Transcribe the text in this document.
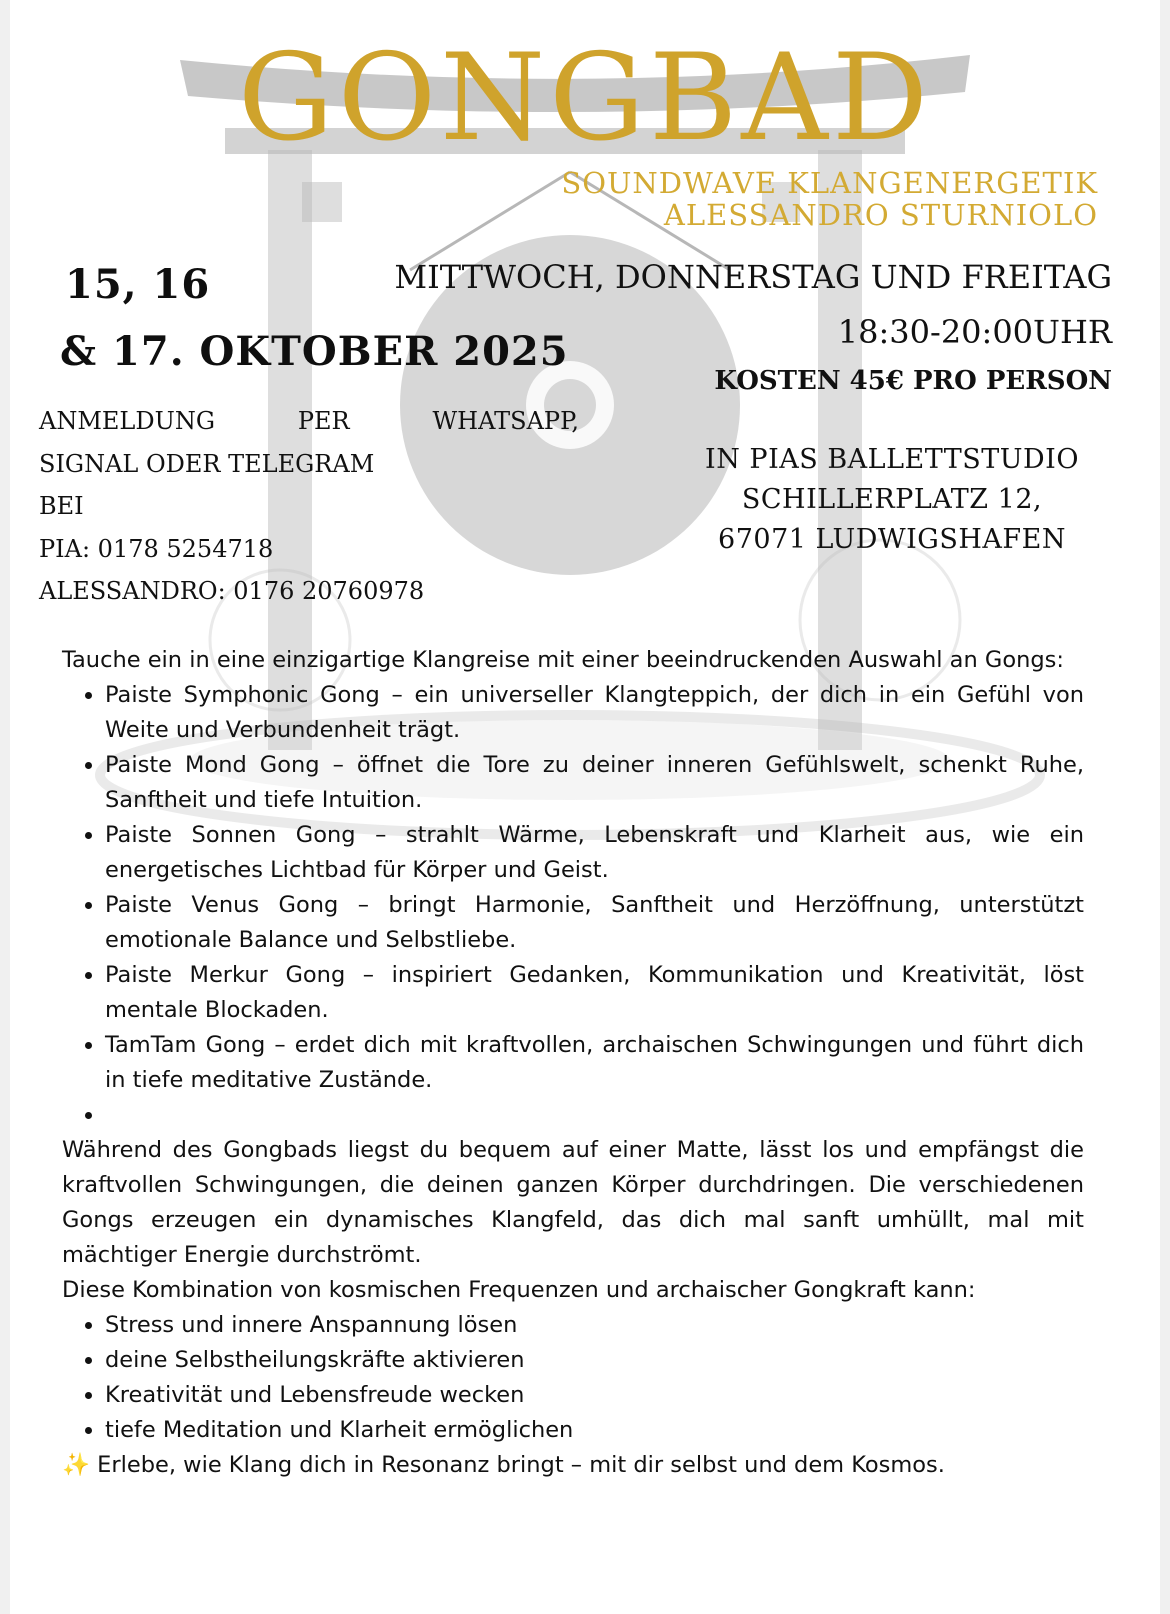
GONGBAD
SOUNDWAVE KLANGENERGETIK
ALESSANDRO STURNIOLO
15, 16
& 17. OKTOBER 2025
MITTWOCH, DONNERSTAG UND FREITAG
18:30-20:00UHR
KOSTEN 45€ PRO PERSON
ANMELDUNG	PER	WHATSAPP,
SIGNAL ODER TELEGRAM
BEI
PIA: 0178 5254718
ALESSANDRO: 0176 20760978
IN PIAS BALLETTSTUDIO
SCHILLERPLATZ 12,
67071 LUDWIGSHAFEN

Tauche ein in eine einzigartige Klangreise mit einer beeindruckenden Auswahl an Gongs:

• Paiste Symphonic Gong – ein universeller Klangteppich, der dich in ein Gefühl von Weite und Verbundenheit trägt.
• Paiste Mond Gong – öffnet die Tore zu deiner inneren Gefühlswelt, schenkt Ruhe, Sanftheit und tiefe Intuition.
• Paiste Sonnen Gong – strahlt Wärme, Lebenskraft und Klarheit aus, wie ein energetisches Lichtbad für Körper und Geist.
• Paiste Venus Gong – bringt Harmonie, Sanftheit und Herzöffnung, unterstützt emotionale Balance und Selbstliebe.
• Paiste Merkur Gong – inspiriert Gedanken, Kommunikation und Kreativität, löst mentale Blockaden.
• TamTam Gong – erdet dich mit kraftvollen, archaischen Schwingungen und führt dich in tiefe meditative Zustände.
•

Während des Gongbads liegst du bequem auf einer Matte, lässt los und empfängst die kraftvollen Schwingungen, die deinen ganzen Körper durchdringen. Die verschiedenen Gongs erzeugen ein dynamisches Klangfeld, das dich mal sanft umhüllt, mal mit mächtiger Energie durchströmt.

Diese Kombination von kosmischen Frequenzen und archaischer Gongkraft kann:

• Stress und innere Anspannung lösen
• deine Selbstheilungskräfte aktivieren
• Kreativität und Lebensfreude wecken
• tiefe Meditation und Klarheit ermöglichen

✨ Erlebe, wie Klang dich in Resonanz bringt – mit dir selbst und dem Kosmos.
